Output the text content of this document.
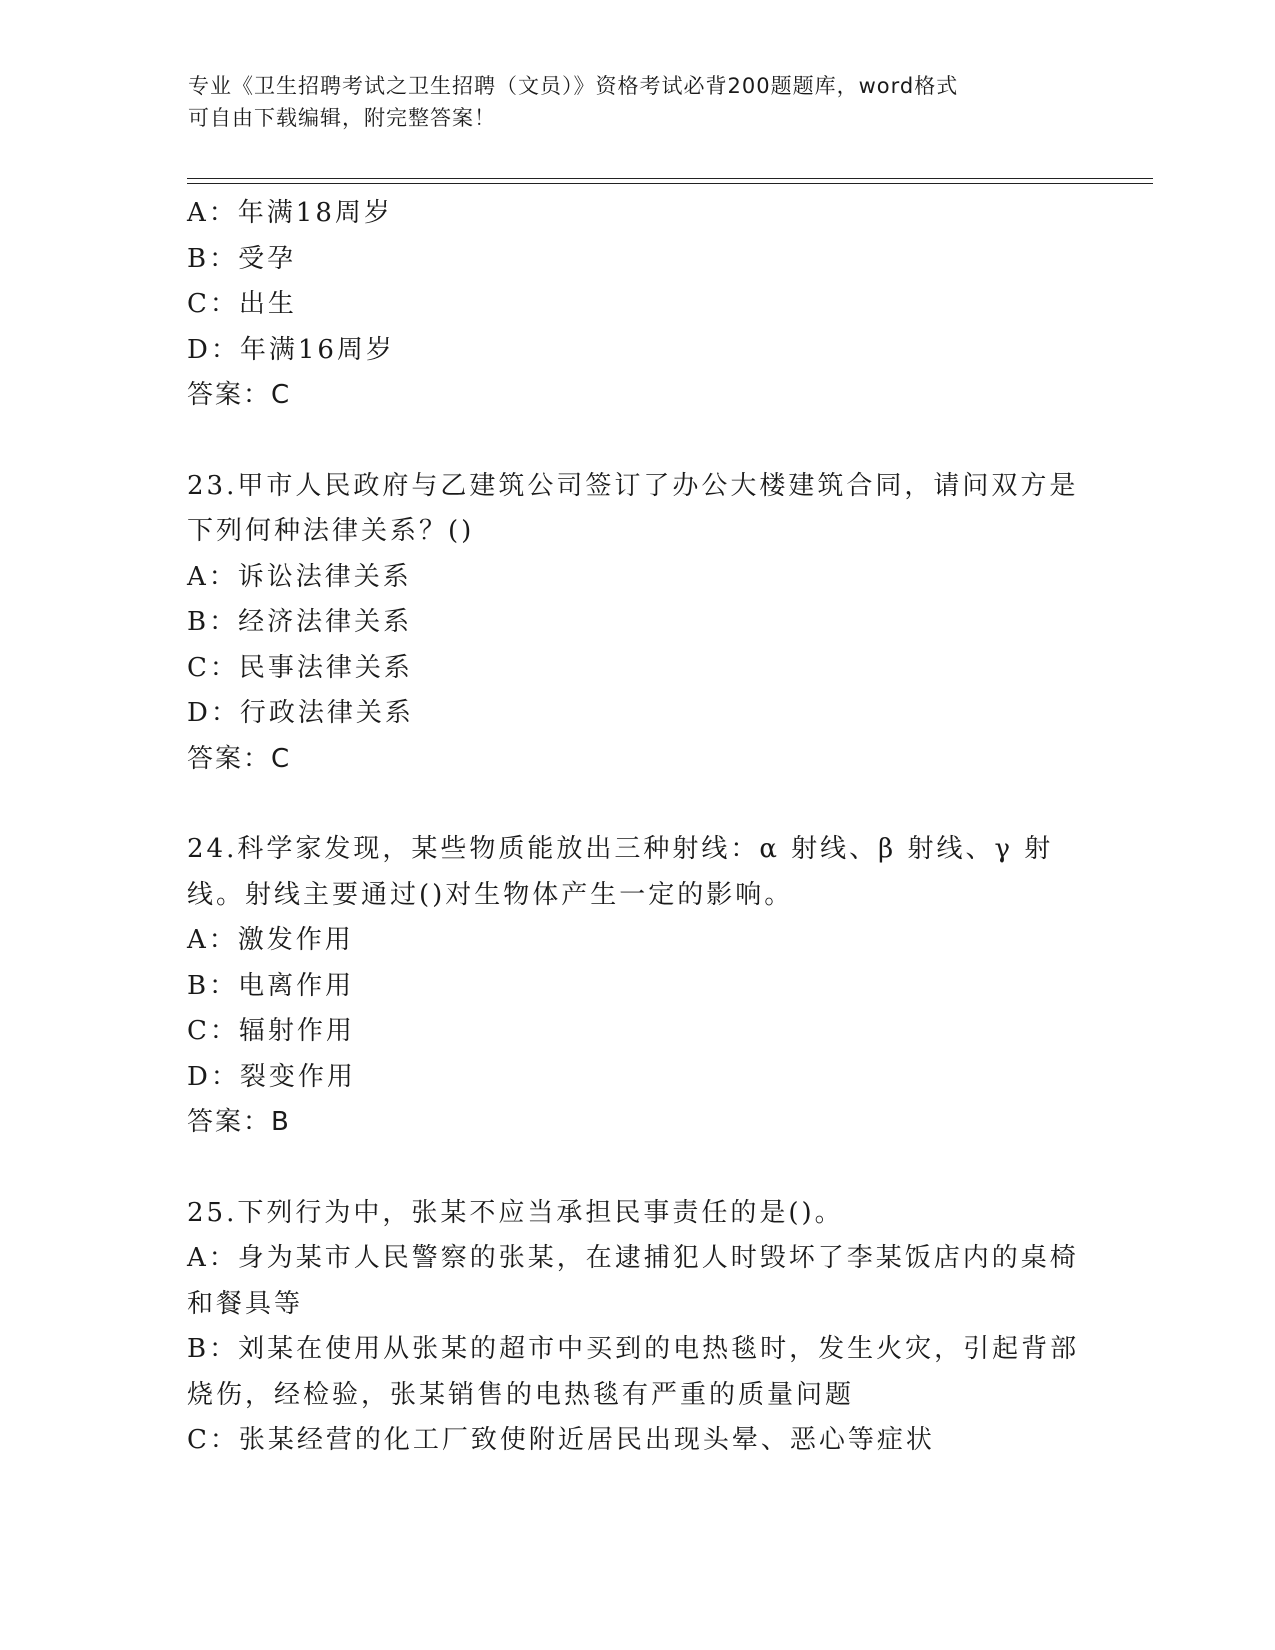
专业《卫生招聘考试之卫生招聘（文员）》资格考试必背200题题库，word格式
可自由下载编辑，附完整答案！
A：年满18周岁
B：受孕
C：出生
D：年满16周岁
答案：C
23.甲市人民政府与乙建筑公司签订了办公大楼建筑合同，请问双方是
下列何种法律关系？()
A：诉讼法律关系
B：经济法律关系
C：民事法律关系
D：行政法律关系
答案：C
24.科学家发现，某些物质能放出三种射线：α 射线、β 射线、γ 射
线。射线主要通过()对生物体产生一定的影响。
A：激发作用
B：电离作用
C：辐射作用
D：裂变作用
答案：B
25.下列行为中，张某不应当承担民事责任的是()。
A：身为某市人民警察的张某，在逮捕犯人时毁坏了李某饭店内的桌椅
和餐具等
B：刘某在使用从张某的超市中买到的电热毯时，发生火灾，引起背部
烧伤，经检验，张某销售的电热毯有严重的质量问题
C：张某经营的化工厂致使附近居民出现头晕、恶心等症状
